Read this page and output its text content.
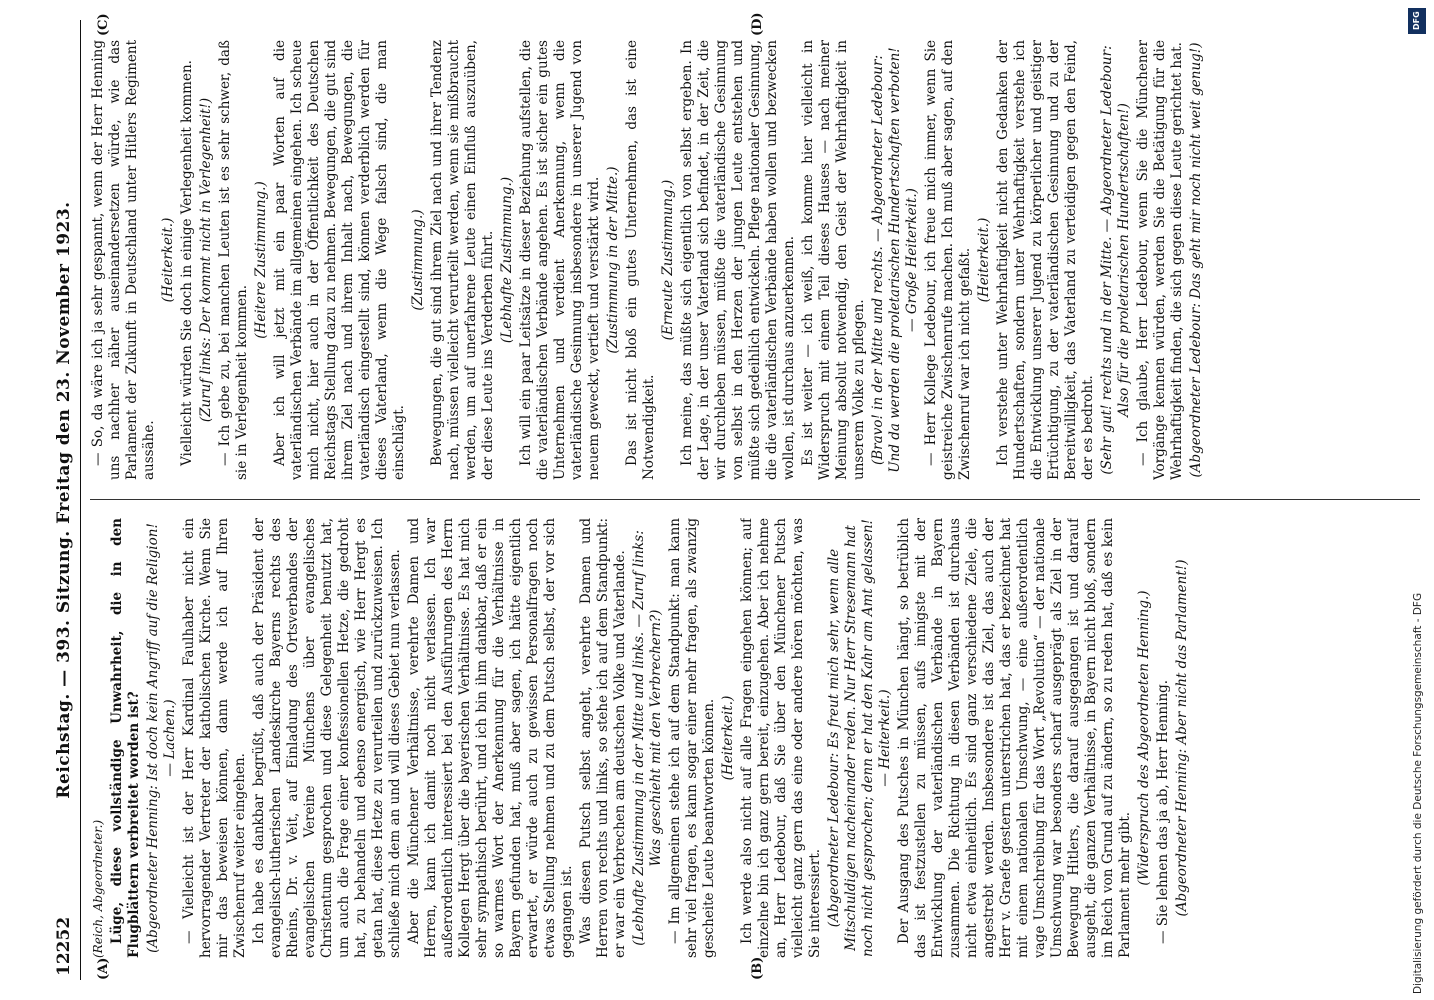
12252
Reichstag. — 393. Sitzung. Freitag den 23. November 1923.
(A)	(B)
(C)	(D)

(Reich, Abgeordneter.) Lüge, diese vollständige Unwahrheit, die in den Flugblättern verbreitet worden ist? (Abgeordneter Henning: Ist doch kein Angriff auf die Religion! — Lachen.) — Vielleicht ist der Herr Kardinal Faulhaber nicht ein hervorragender Vertreter der katholischen Kirche. Wenn Sie mir das beweisen können, dann werde ich auf Ihren Zwischenruf weiter eingehen. Ich habe es dankbar begrüßt, daß auch der Präsident der evangelisch-lutherischen Landeskirche Bayerns rechts des Rheins, Dr. v. Veit, auf Einladung des Ortsverbandes der evangelischen Vereine Münchens über evangelisches Christentum gesprochen und diese Gelegenheit benutzt hat, um auch die Frage einer konfessionellen Hetze, die gedroht hat, zu behandeln und ebenso energisch, wie Herr Hergt es getan hat, diese Hetze zu verurteilen und zurückzuweisen. Ich schließe mich dem an und will dieses Gebiet nun verlassen. Aber die Münchener Verhältnisse, verehrte Damen und Herren, kann ich damit noch nicht verlassen. Ich war außerordentlich interessiert bei den Ausführungen des Herrn Kollegen Hergt über die bayerischen Verhältnisse. Es hat mich sehr sympathisch berührt, und ich bin ihm dankbar, daß er ein so warmes Wort der Anerkennung für die Verhältnisse in Bayern gefunden hat, muß aber sagen, ich hätte eigentlich erwartet, er würde auch zu gewissen Personalfragen noch etwas Stellung nehmen und zu dem Putsch selbst, der vor sich gegangen ist. Was diesen Putsch selbst angeht, verehrte Damen und Herren von rechts und links, so stehe ich auf dem Standpunkt: er war ein Verbrechen am deutschen Volke und Vaterlande. (Lebhafte Zustimmung in der Mitte und links. — Zuruf links: Was geschieht mit den Verbrechern?) — Im allgemeinen stehe ich auf dem Standpunkt: man kann sehr viel fragen, es kann sogar einer mehr fragen, als zwanzig gescheite Leute beantworten können. (Heiterkeit.) Ich werde also nicht auf alle Fragen eingehen können; auf einzelne bin ich ganz gern bereit, einzugehen. Aber ich nehme an, Herr Ledebour, daß Sie über den Münchener Putsch vielleicht ganz gern das eine oder andere hören möchten, was Sie interessiert. (Abgeordneter Ledebour: Es freut mich sehr, wenn alle Mitschuldigen nacheinander reden. Nur Herr Stresemann hat noch nicht gesprochen; denn er hat den Kahr am Amt gelassen! — Heiterkeit.) Der Ausgang des Putsches in München hängt, so betrüblich das ist festzustellen zu müssen, aufs innigste mit der Entwicklung der vaterländischen Verbände in Bayern zusammen. Die Richtung in diesen Verbänden ist durchaus nicht etwa einheitlich. Es sind ganz verschiedene Ziele, die angestrebt werden. Insbesondere ist das Ziel, das auch der Herr v. Graefe gestern unterstrichen hat, das er bezeichnet hat mit einem nationalen Umschwung, — eine außerordentlich vage Umschreibung für das Wort „Revolution“ — der nationale Umschwung war besonders scharf ausgeprägt als Ziel in der Bewegung Hitlers, die darauf ausgegangen ist und darauf ausgeht, die ganzen Verhältnisse, in Bayern nicht bloß, sondern im Reich von Grund auf zu ändern, so zu reden hat, daß es kein Parlament mehr gibt. (Widerspruch des Abgeordneten Henning.) — Sie lehnen das ja ab, Herr Henning. (Abgeordneter Henning: Aber nicht das Parlament!)

— So, da wäre ich ja sehr gespannt, wenn der Herr Henning uns nachher näher auseinandersetzen würde, wie das Parlament der Zukunft in Deutschland unter Hitlers Regiment aussähe.

(Heiterkeit.) Vielleicht würden Sie doch in einige Verlegenheit kommen. (Zuruf links: Der kommt nicht in Verlegenheit!) — Ich gebe zu, bei manchen Leuten ist es sehr schwer, daß sie in Verlegenheit kommen.

(Heitere Zustimmung.) Aber ich will jetzt mit ein paar Worten auf die vaterländischen Verbände im allgemeinen eingehen. Ich scheue mich nicht, hier auch in der Öffentlichkeit des Deutschen Reichstags Stellung dazu zu nehmen. Bewegungen, die gut sind ihrem Ziel nach und ihrem Inhalt nach, Bewegungen, die vaterländisch eingestellt sind, können verderblich werden für dieses Vaterland, wenn die Wege falsch sind, die man einschlägt.

(Zustimmung.) Bewegungen, die gut sind ihrem Ziel nach und ihrer Tendenz nach, müssen vielleicht verurteilt werden, wenn sie mißbraucht werden, um auf unerfahrene Leute einen Einfluß auszuüben, der diese Leute ins Verderben führt. (Lebhafte Zustimmung.) Ich will ein paar Leitsätze in dieser Beziehung aufstellen, die die vaterländischen Verbände angehen. Es ist sicher ein gutes Unternehmen und verdient Anerkennung, wenn die vaterländische Gesinnung insbesondere in unserer Jugend von neuem geweckt, vertieft und verstärkt wird. (Zustimmung in der Mitte.) Das ist nicht bloß ein gutes Unternehmen, das ist eine Notwendigkeit.

(Erneute Zustimmung.) Ich meine, das müßte sich eigentlich von selbst ergeben. In der Lage, in der unser Vaterland sich befindet, in der Zeit, die wir durchleben müssen, müßte die vaterländische Gesinnung von selbst in den Herzen der jungen Leute entstehen und müßte sich gedeihlich entwickeln. Pflege nationaler Gesinnung, die die vaterländischen Verbände haben wollen und bezwecken wollen, ist durchaus anzuerkennen. Es ist weiter — ich weiß, ich komme hier vielleicht in Widerspruch mit einem Teil dieses Hauses — nach meiner Meinung absolut notwendig, den Geist der Wehrhaftigkeit in unserem Volke zu pflegen. (Bravo! in der Mitte und rechts. — Abgeordneter Ledebour: Und da werden die proletarischen Hundertschaften verboten! — Große Heiterkeit.) — Herr Kollege Ledebour, ich freue mich immer, wenn Sie geistreiche Zwischenrufe machen. Ich muß aber sagen, auf den Zwischenruf war ich nicht gefaßt. (Heiterkeit.) Ich verstehe unter Wehrhaftigkeit nicht den Gedanken der Hundertschaften, sondern unter Wehrhaftigkeit verstehe ich die Entwicklung unserer Jugend zu körperlicher und geistiger Ertüchtigung, zu der vaterländischen Gesinnung und zu der Bereitwilligkeit, das Vaterland zu verteidigen gegen den Feind, der es bedroht. (Sehr gut! rechts und in der Mitte. — Abgeordneter Ledebour: Also für die proletarischen Hundertschaften!) — Ich glaube, Herr Ledebour, wenn Sie die Münchener Vorgänge kennen würden, werden Sie die Betätigung für die Wehrhaftigkeit finden, die sich gegen diese Leute gerichtet hat. (Abgeordneter Ledebour: Das geht mir noch nicht weit genug!)

DFG
Digitalisierung gefördert durch die Deutsche Forschungsgemeinschaft - DFG
